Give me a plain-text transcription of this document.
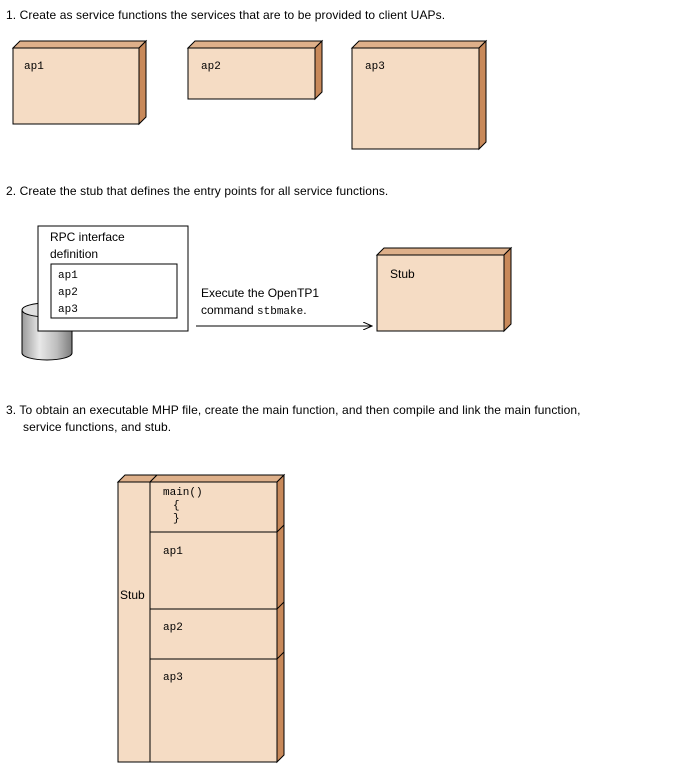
1. Create as service functions the services that are to be provided to client UAPs.
2. Create the stub that defines the entry points for all service functions.
3. To obtain an executable MHP file, create the main function, and then compile and link the main function,
service functions, and stub.
ap1	ap2	ap3
RPC interface
definition
ap1
ap2
ap3
Execute the OpenTP1
command stbmake.
Stub
Stub
main()
{
}
ap1
ap2
ap3
